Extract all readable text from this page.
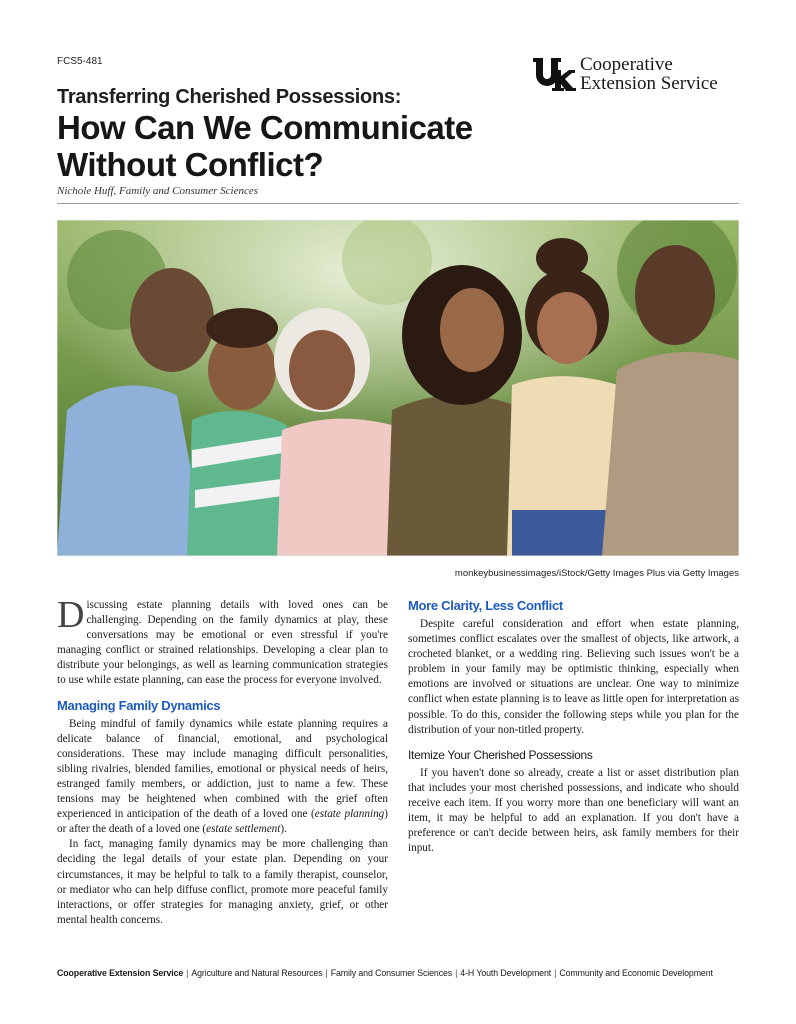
FCS5-481	Cooperative
Extension Service
Transferring Cherished Possessions:
How Can We Communicate
Without Conflict?
Nichole Huff, Family and Consumer Sciences
monkeybusinessimages/iStock/Getty Images Plus via Getty Images

Discussing estate planning details with loved ones can be challenging. Depending on the family dynamics at play, these conversations may be emotional or even stressful if you're managing conflict or strained relationships. Developing a clear plan to distribute your belongings, as well as learning communication strategies to use while estate planning, can ease the process for everyone involved.

Managing Family Dynamics

Being mindful of family dynamics while estate planning requires a delicate balance of financial, emotional, and psychological considerations. These may include managing difficult personalities, sibling rivalries, blended families, emotional or physical needs of heirs, estranged family members, or addiction, just to name a few. These tensions may be heightened when combined with the grief often experienced in anticipation of the death of a loved one (estate planning) or after the death of a loved one (estate settlement).

In fact, managing family dynamics may be more challenging than deciding the legal details of your estate plan. Depending on your circumstances, it may be helpful to talk to a family therapist, counselor, or mediator who can help diffuse conflict, promote more peaceful family interactions, or offer strategies for managing anxiety, grief, or other mental health concerns.

More Clarity, Less Conflict

Despite careful consideration and effort when estate planning, sometimes conflict escalates over the smallest of objects, like artwork, a crocheted blanket, or a wedding ring. Believing such issues won't be a problem in your family may be optimistic thinking, especially when emotions are involved or situations are unclear. One way to minimize conflict when estate planning is to leave as little open for interpretation as possible. To do this, consider the following steps while you plan for the distribution of your non-titled property.

Itemize Your Cherished Possessions

If you haven't done so already, create a list or asset distribution plan that includes your most cherished possessions, and indicate who should receive each item. If you worry more than one beneficiary will want an item, it may be helpful to add an explanation. If you don't have a preference or can't decide between heirs, ask family members for their input.

Cooperative Extension Service | Agriculture and Natural Resources | Family and Consumer Sciences | 4-H Youth Development | Community and Economic Development
